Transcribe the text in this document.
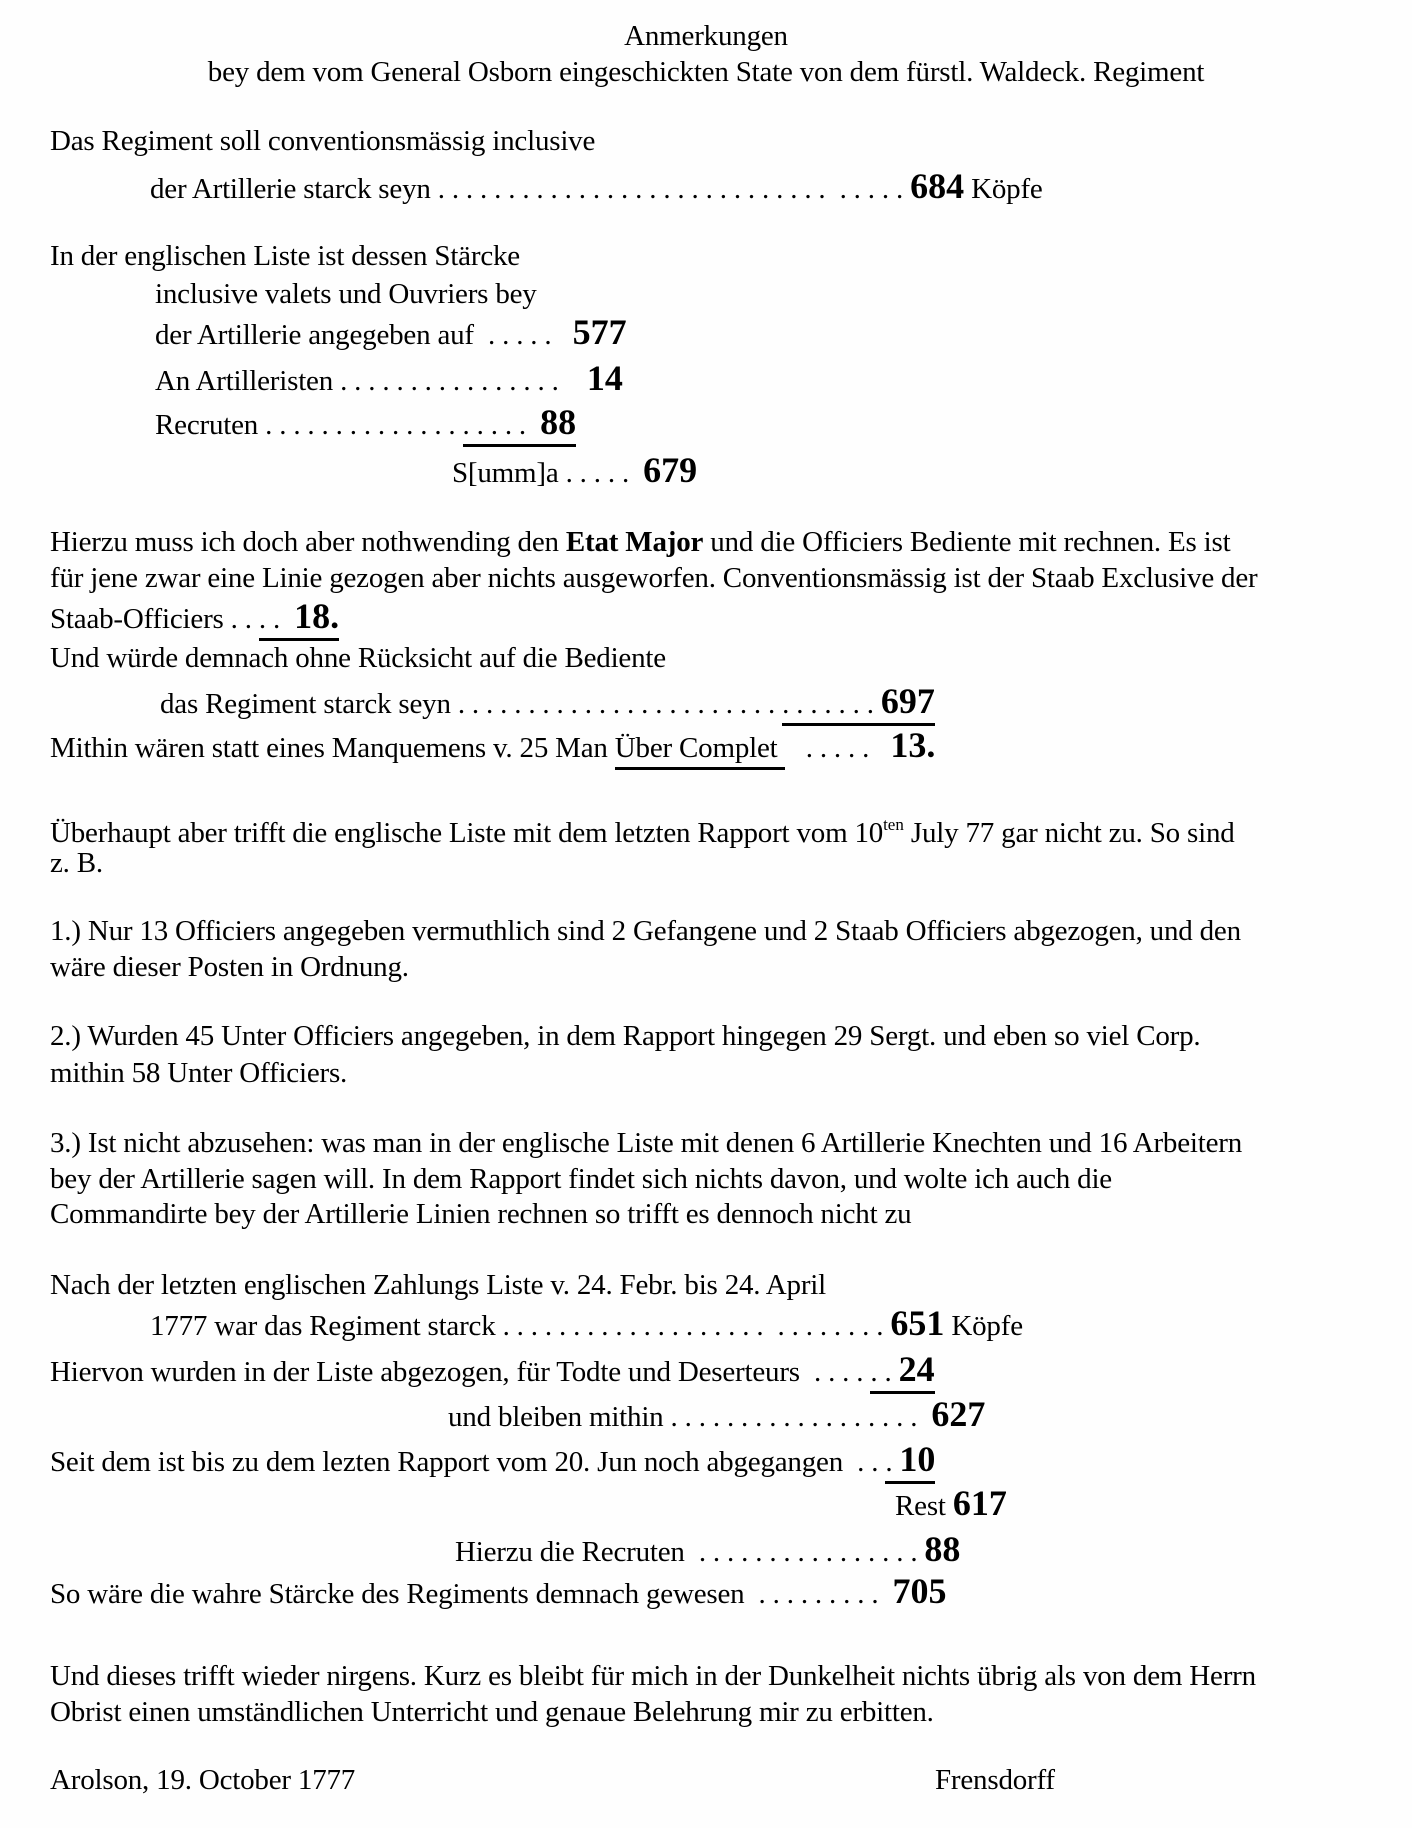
Anmerkungen
bey dem vom General Osborn eingeschickten State von dem fürstl. Waldeck. Regiment
Das Regiment soll conventionsmässig inclusive
der Artillerie starck seyn . . . . . . . . . . . . . . . . . . . . . . . . . . . .  . . . . . 684 Köpfe
In der englischen Liste ist dessen Stärcke
inclusive valets und Ouvriers bey
der Artillerie angegeben auf  . . . . .   577
An Artilleristen . . . . . . . . . . . . . . . .    14
Recruten . . . . . . . . . . . . . . . . . . .  88
S[umm]a . . . . .  679
Hierzu muss ich doch aber nothwending den Etat Major und die Officiers Bediente mit rechnen. Es ist
für jene zwar eine Linie gezogen aber nichts ausgeworfen. Conventionsmässig ist der Staab Exclusive der
Staab-Officiers . . . .  18.
Und würde demnach ohne Rücksicht auf die Bediente
das Regiment starck seyn . . . . . . . . . . . . . . . . . . . . . . . . . . . . . . 697
Mithin wären statt eines Manquemens v. 25 Man Über Complet    . . . . .   13.
Überhaupt aber trifft die englische Liste mit dem letzten Rapport vom $10^{ten}$ July 77 gar nicht zu. So sind
z. B.
1.) Nur 13 Officiers angegeben vermuthlich sind 2 Gefangene und 2 Staab Officiers abgezogen, und den
wäre dieser Posten in Ordnung.
2.) Wurden 45 Unter Officiers angegeben, in dem Rapport hingegen 29 Sergt. und eben so viel Corp.
mithin 58 Unter Officiers.
3.) Ist nicht abzusehen: was man in der englische Liste mit denen 6 Artillerie Knechten und 16 Arbeitern
bey der Artillerie sagen will. In dem Rapport findet sich nichts davon, und wolte ich auch die
Commandirte bey der Artillerie Linien rechnen so trifft es dennoch nicht zu
Nach der letzten englischen Zahlungs Liste v. 24. Febr. bis 24. April
1777 war das Regiment starck . . . . . . . . . . . . . . . . . . .  . . . . . . . . 651 Köpfe
Hiervon wurden in der Liste abgezogen, für Todte und Deserteurs  . . . . . . 24
und bleiben mithin . . . . . . . . . . . . . . . . . .  627
Seit dem ist bis zu dem lezten Rapport vom 20. Jun noch abgegangen  . . . 10
Rest 617
Hierzu die Recruten  . . . . . . . . . . . . . . . . 88
So wäre die wahre Stärcke des Regiments demnach gewesen  . . . . . . . . .  705
Und dieses trifft wieder nirgens. Kurz es bleibt für mich in der Dunkelheit nichts übrig als von dem Herrn
Obrist einen umständlichen Unterricht und genaue Belehrung mir zu erbitten.
Arolson, 19. October 1777	Frensdorff
